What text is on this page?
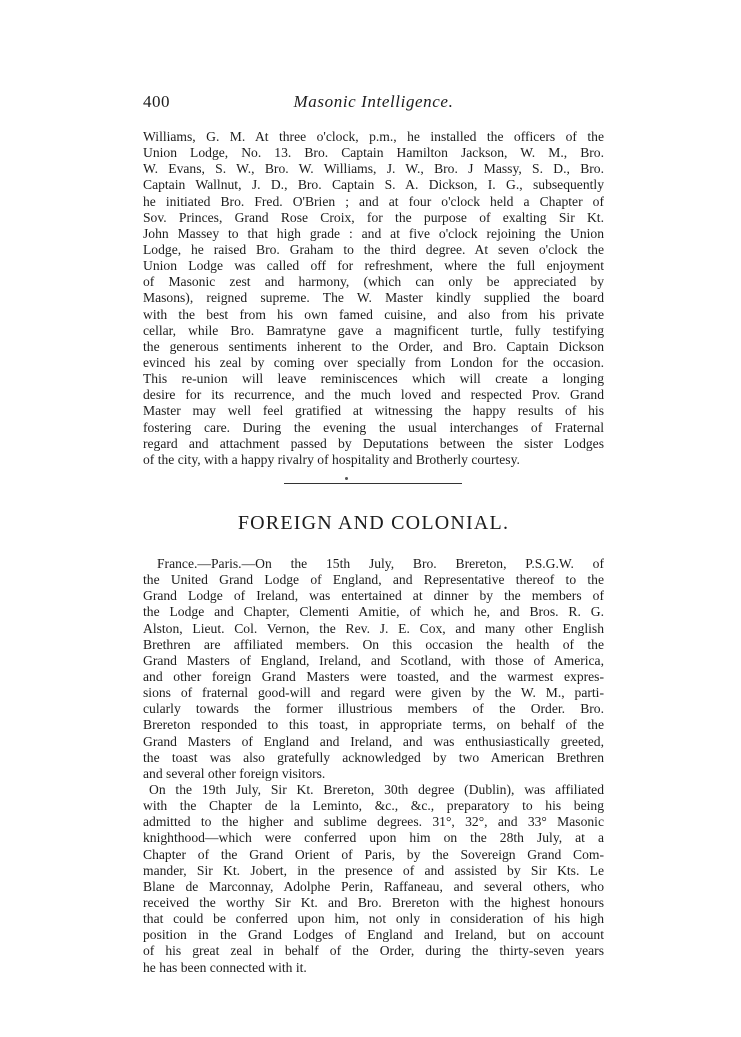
400	Masonic Intelligence.
Williams, G. M. At three o'clock, p.m., he installed the officers of the
Union Lodge, No. 13. Bro. Captain Hamilton Jackson, W. M., Bro.
W. Evans, S. W., Bro. W. Williams, J. W., Bro. J Massy, S. D., Bro.
Captain Wallnut, J. D., Bro. Captain S. A. Dickson, I. G., subsequently
he initiated Bro. Fred. O'Brien ; and at four o'clock held a Chapter of
Sov. Princes, Grand Rose Croix, for the purpose of exalting Sir Kt.
John Massey to that high grade : and at five o'clock rejoining the Union
Lodge, he raised Bro. Graham to the third degree. At seven o'clock the
Union Lodge was called off for refreshment, where the full enjoyment
of Masonic zest and harmony, (which can only be appreciated by
Masons), reigned supreme. The W. Master kindly supplied the board
with the best from his own famed cuisine, and also from his private
cellar, while Bro. Bamratyne gave a magnificent turtle, fully testifying
the generous sentiments inherent to the Order, and Bro. Captain Dickson
evinced his zeal by coming over specially from London for the occasion.
This re-union will leave reminiscences which will create a longing
desire for its recurrence, and the much loved and respected Prov. Grand
Master may well feel gratified at witnessing the happy results of his
fostering care. During the evening the usual interchanges of Fraternal
regard and attachment passed by Deputations between the sister Lodges
of the city, with a happy rivalry of hospitality and Brotherly courtesy.
FOREIGN AND COLONIAL.
France.—Paris.—On the 15th July, Bro. Brereton, P.S.G.W. of
the United Grand Lodge of England, and Representative thereof to the
Grand Lodge of Ireland, was entertained at dinner by the members of
the Lodge and Chapter, Clementi Amitie, of which he, and Bros. R. G.
Alston, Lieut. Col. Vernon, the Rev. J. E. Cox, and many other English
Brethren are affiliated members. On this occasion the health of the
Grand Masters of England, Ireland, and Scotland, with those of America,
and other foreign Grand Masters were toasted, and the warmest expres-
sions of fraternal good-will and regard were given by the W. M., parti-
cularly towards the former illustrious members of the Order. Bro.
Brereton responded to this toast, in appropriate terms, on behalf of the
Grand Masters of England and Ireland, and was enthusiastically greeted,
the toast was also gratefully acknowledged by two American Brethren
and several other foreign visitors.
On the 19th July, Sir Kt. Brereton, 30th degree (Dublin), was affiliated
with the Chapter de la Leminto, &c., &c., preparatory to his being
admitted to the higher and sublime degrees. 31°, 32°, and 33° Masonic
knighthood—which were conferred upon him on the 28th July, at a
Chapter of the Grand Orient of Paris, by the Sovereign Grand Com-
mander, Sir Kt. Jobert, in the presence of and assisted by Sir Kts. Le
Blane de Marconnay, Adolphe Perin, Raffaneau, and several others, who
received the worthy Sir Kt. and Bro. Brereton with the highest honours
that could be conferred upon him, not only in consideration of his high
position in the Grand Lodges of England and Ireland, but on account
of his great zeal in behalf of the Order, during the thirty-seven years
he has been connected with it.
